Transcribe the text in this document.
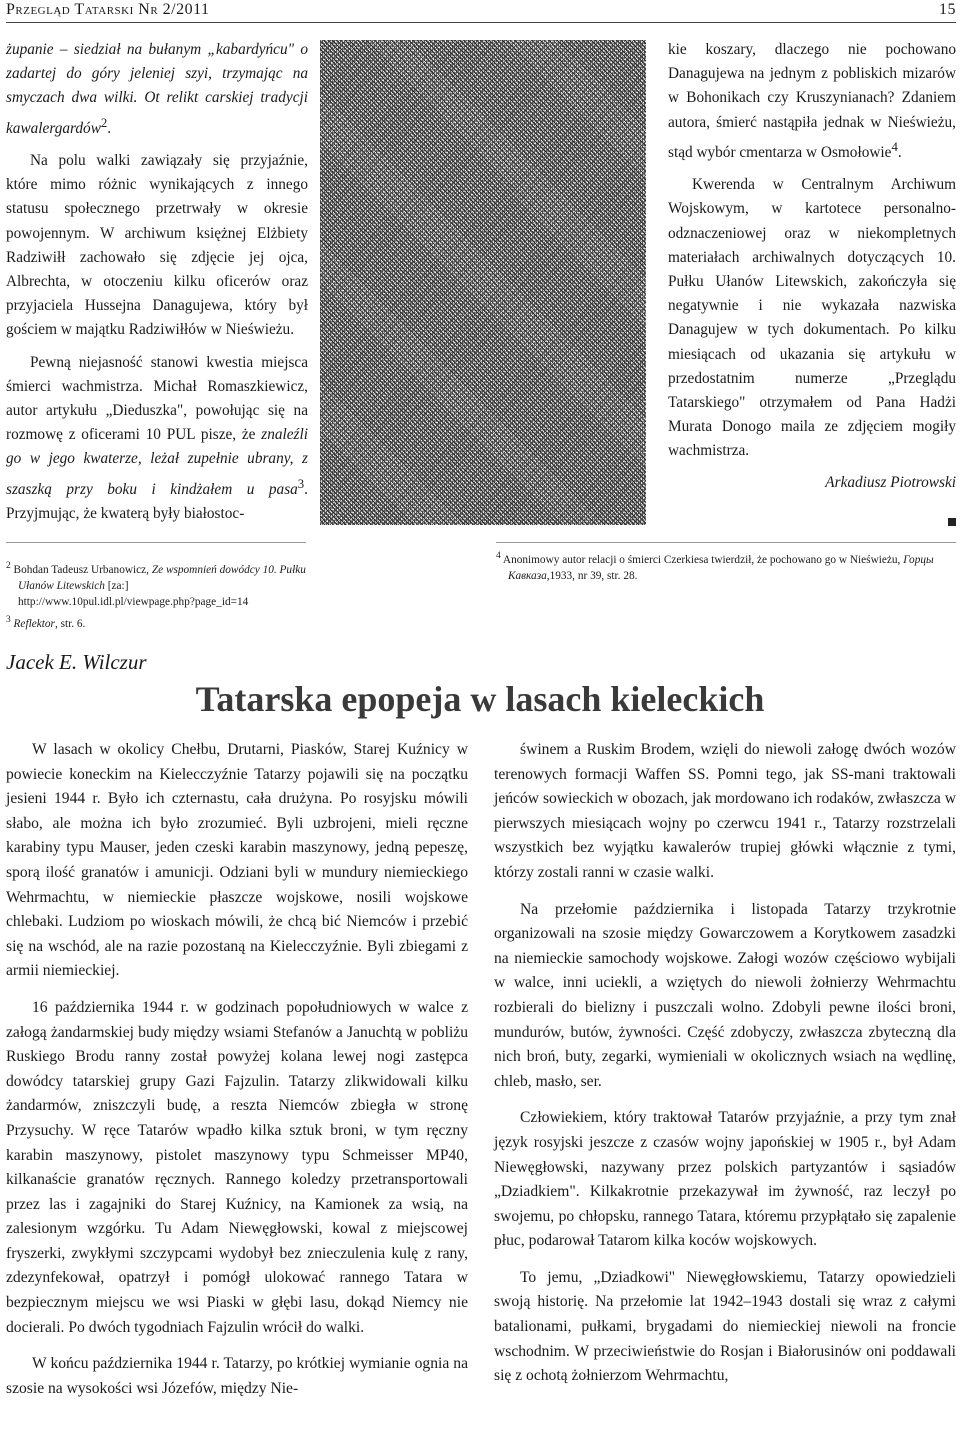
Przegląd Tatarski Nr 2/2011	15

żupanie – siedział na bułanym „kabardyńcu" o zadartej do góry jeleniej szyi, trzymając na smyczach dwa wilki. Ot relikt carskiej tradycji kawalergardów$^2$.

Na polu walki zawiązały się przyjaźnie, które mimo różnic wynikających z innego statusu społecznego przetrwały w okresie powojennym. W archiwum księżnej Elżbiety Radziwiłł zachowało się zdjęcie jej ojca, Albrechta, w otoczeniu kilku oficerów oraz przyjaciela Hussejna Danagujewa, który był gościem w majątku Radziwiłłów w Nieświeżu.

Pewną niejasność stanowi kwestia miejsca śmierci wachmistrza. Michał Romaszkiewicz, autor artykułu „Dieduszka", powołując się na rozmowę z oficerami 10 PUL pisze, że znaleźli go w jego kwaterze, leżał zupełnie ubrany, z szaszką przy boku i kindżałem u pasa$^3$. Przyjmując, że kwaterą były białostoc-

kie koszary, dlaczego nie pochowano Danagujewa na jednym z pobliskich mizarów w Bohonikach czy Kruszynianach? Zdaniem autora, śmierć nastąpiła jednak w Nieświeżu, stąd wybór cmentarza w Osmołowie$^4$.

Kwerenda w Centralnym Archiwum Wojskowym, w kartotece personalno-odznaczeniowej oraz w niekompletnych materiałach archiwalnych dotyczących 10. Pułku Ułanów Litewskich, zakończyła się negatywnie i nie wykazała nazwiska Danagujew w tych dokumentach. Po kilku miesiącach od ukazania się artykułu w przedostatnim numerze „Przeglądu Tatarskiego" otrzymałem od Pana Hadżi Murata Donogo maila ze zdjęciem mogiły wachmistrza.

Arkadiusz Piotrowski
$^2$ Bohdan Tadeusz Urbanowicz, Ze wspomnień dowódcy 10. Pułku Ułanów Litewskich [za:] http://www.10pul.idl.pl/viewpage.php?page_id=14
$^3$ Reflektor, str. 6.
$^4$ Anonimowy autor relacji o śmierci Czerkiesa twierdził, że pochowano go w Nieświeżu, Горцы Кавказа,1933, nr 39, str. 28.
Jacek E. Wilczur
Tatarska epopeja w lasach kieleckich

W lasach w okolicy Chełbu, Drutarni, Piasków, Starej Kuźnicy w powiecie koneckim na Kielecczyźnie Tatarzy pojawili się na początku jesieni 1944 r. Było ich czternastu, cała drużyna. Po rosyjsku mówili słabo, ale można ich było zrozumieć. Byli uzbrojeni, mieli ręczne karabiny typu Mauser, jeden czeski karabin maszynowy, jedną pepeszę, sporą ilość granatów i amunicji. Odziani byli w mundury niemieckiego Wehrmachtu, w niemieckie płaszcze wojskowe, nosili wojskowe chlebaki. Ludziom po wioskach mówili, że chcą bić Niemców i przebić się na wschód, ale na razie pozostaną na Kielecczyźnie. Byli zbiegami z armii niemieckiej.

16 października 1944 r. w godzinach popołudniowych w walce z załogą żandarmskiej budy między wsiami Stefanów a Januchtą w pobliżu Ruskiego Brodu ranny został powyżej kolana lewej nogi zastępca dowódcy tatarskiej grupy Gazi Fajzulin. Tatarzy zlikwidowali kilku żandarmów, zniszczyli budę, a reszta Niemców zbiegła w stronę Przysuchy. W ręce Tatarów wpadło kilka sztuk broni, w tym ręczny karabin maszynowy, pistolet maszynowy typu Schmeisser MP40, kilkanaście granatów ręcznych. Rannego koledzy przetransportowali przez las i zagajniki do Starej Kuźnicy, na Kamionek za wsią, na zalesionym wzgórku. Tu Adam Niewęgłowski, kowal z miejscowej fryszerki, zwykłymi szczypcami wydobył bez znieczulenia kulę z rany, zdezynfekował, opatrzył i pomógł ulokować rannego Tatara w bezpiecznym miejscu we wsi Piaski w głębi lasu, dokąd Niemcy nie docierali. Po dwóch tygodniach Fajzulin wrócił do walki.

W końcu października 1944 r. Tatarzy, po krótkiej wymianie ognia na szosie na wysokości wsi Józefów, między Nie-

świnem a Ruskim Brodem, wzięli do niewoli załogę dwóch wozów terenowych formacji Waffen SS. Pomni tego, jak SS-mani traktowali jeńców sowieckich w obozach, jak mordowano ich rodaków, zwłaszcza w pierwszych miesiącach wojny po czerwcu 1941 r., Tatarzy rozstrzelali wszystkich bez wyjątku kawalerów trupiej główki włącznie z tymi, którzy zostali ranni w czasie walki.

Na przełomie października i listopada Tatarzy trzykrotnie organizowali na szosie między Gowarczowem a Korytkowem zasadzki na niemieckie samochody wojskowe. Załogi wozów częściowo wybijali w walce, inni uciekli, a wziętych do niewoli żołnierzy Wehrmachtu rozbierali do bielizny i puszczali wolno. Zdobyli pewne ilości broni, mundurów, butów, żywności. Część zdobyczy, zwłaszcza zbyteczną dla nich broń, buty, zegarki, wymieniali w okolicznych wsiach na wędlinę, chleb, masło, ser.

Człowiekiem, który traktował Tatarów przyjaźnie, a przy tym znał język rosyjski jeszcze z czasów wojny japońskiej w 1905 r., był Adam Niewęgłowski, nazywany przez polskich partyzantów i sąsiadów „Dziadkiem". Kilkakrotnie przekazywał im żywność, raz leczył po swojemu, po chłopsku, rannego Tatara, któremu przypłątało się zapalenie płuc, podarował Tatarom kilka koców wojskowych.

To jemu, „Dziadkowi" Niewęgłowskiemu, Tatarzy opowiedzieli swoją historię. Na przełomie lat 1942–1943 dostali się wraz z całymi batalionami, pułkami, brygadami do niemieckiej niewoli na froncie wschodnim. W przeciwieństwie do Rosjan i Białorusinów oni poddawali się z ochotą żołnierzom Wehrmachtu,
